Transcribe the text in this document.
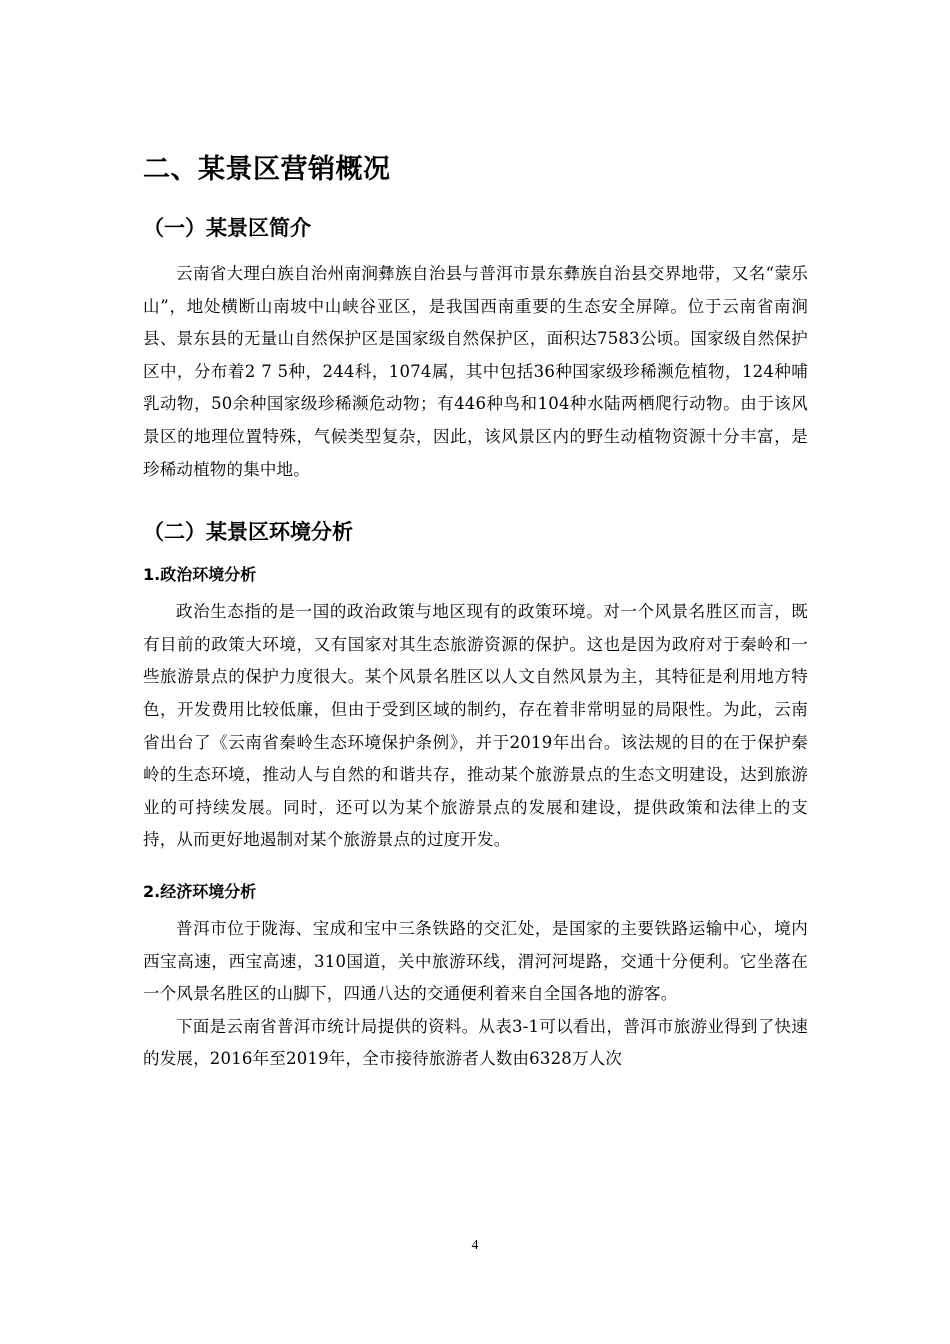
二、某景区营销概况
（一）某景区简介

云南省大理白族自治州南涧彝族自治县与普洱市景东彝族自治县交界地带，又名“蒙乐山”，地处横断山南坡中山峡谷亚区，是我国西南重要的生态安全屏障。位于云南省南涧县、景东县的无量山自然保护区是国家级自然保护区，面积达7583公顷。国家级自然保护区中，分布着2 7 5种，244科，1074属，其中包括36种国家级珍稀濒危植物，124种哺乳动物，50余种国家级珍稀濒危动物；有446种鸟和104种水陆两栖爬行动物。由于该风景区的地理位置特殊，气候类型复杂，因此，该风景区内的野生动植物资源十分丰富，是珍稀动植物的集中地。

（二）某景区环境分析
1.政治环境分析

政治生态指的是一国的政治政策与地区现有的政策环境。对一个风景名胜区而言，既有目前的政策大环境，又有国家对其生态旅游资源的保护。这也是因为政府对于秦岭和一些旅游景点的保护力度很大。某个风景名胜区以人文自然风景为主，其特征是利用地方特色，开发费用比较低廉，但由于受到区域的制约，存在着非常明显的局限性。为此，云南省出台了《云南省秦岭生态环境保护条例》，并于2019年出台。该法规的目的在于保护秦岭的生态环境，推动人与自然的和谐共存，推动某个旅游景点的生态文明建设，达到旅游业的可持续发展。同时，还可以为某个旅游景点的发展和建设，提供政策和法律上的支持，从而更好地遏制对某个旅游景点的过度开发。

2.经济环境分析

普洱市位于陇海、宝成和宝中三条铁路的交汇处，是国家的主要铁路运输中心，境内西宝高速，西宝高速，310国道，关中旅游环线，渭河河堤路，交通十分便利。它坐落在一个风景名胜区的山脚下，四通八达的交通便利着来自全国各地的游客。

下面是云南省普洱市统计局提供的资料。从表3-1可以看出，普洱市旅游业得到了快速的发展，2016年至2019年，全市接待旅游者人数由6328万人次

4
